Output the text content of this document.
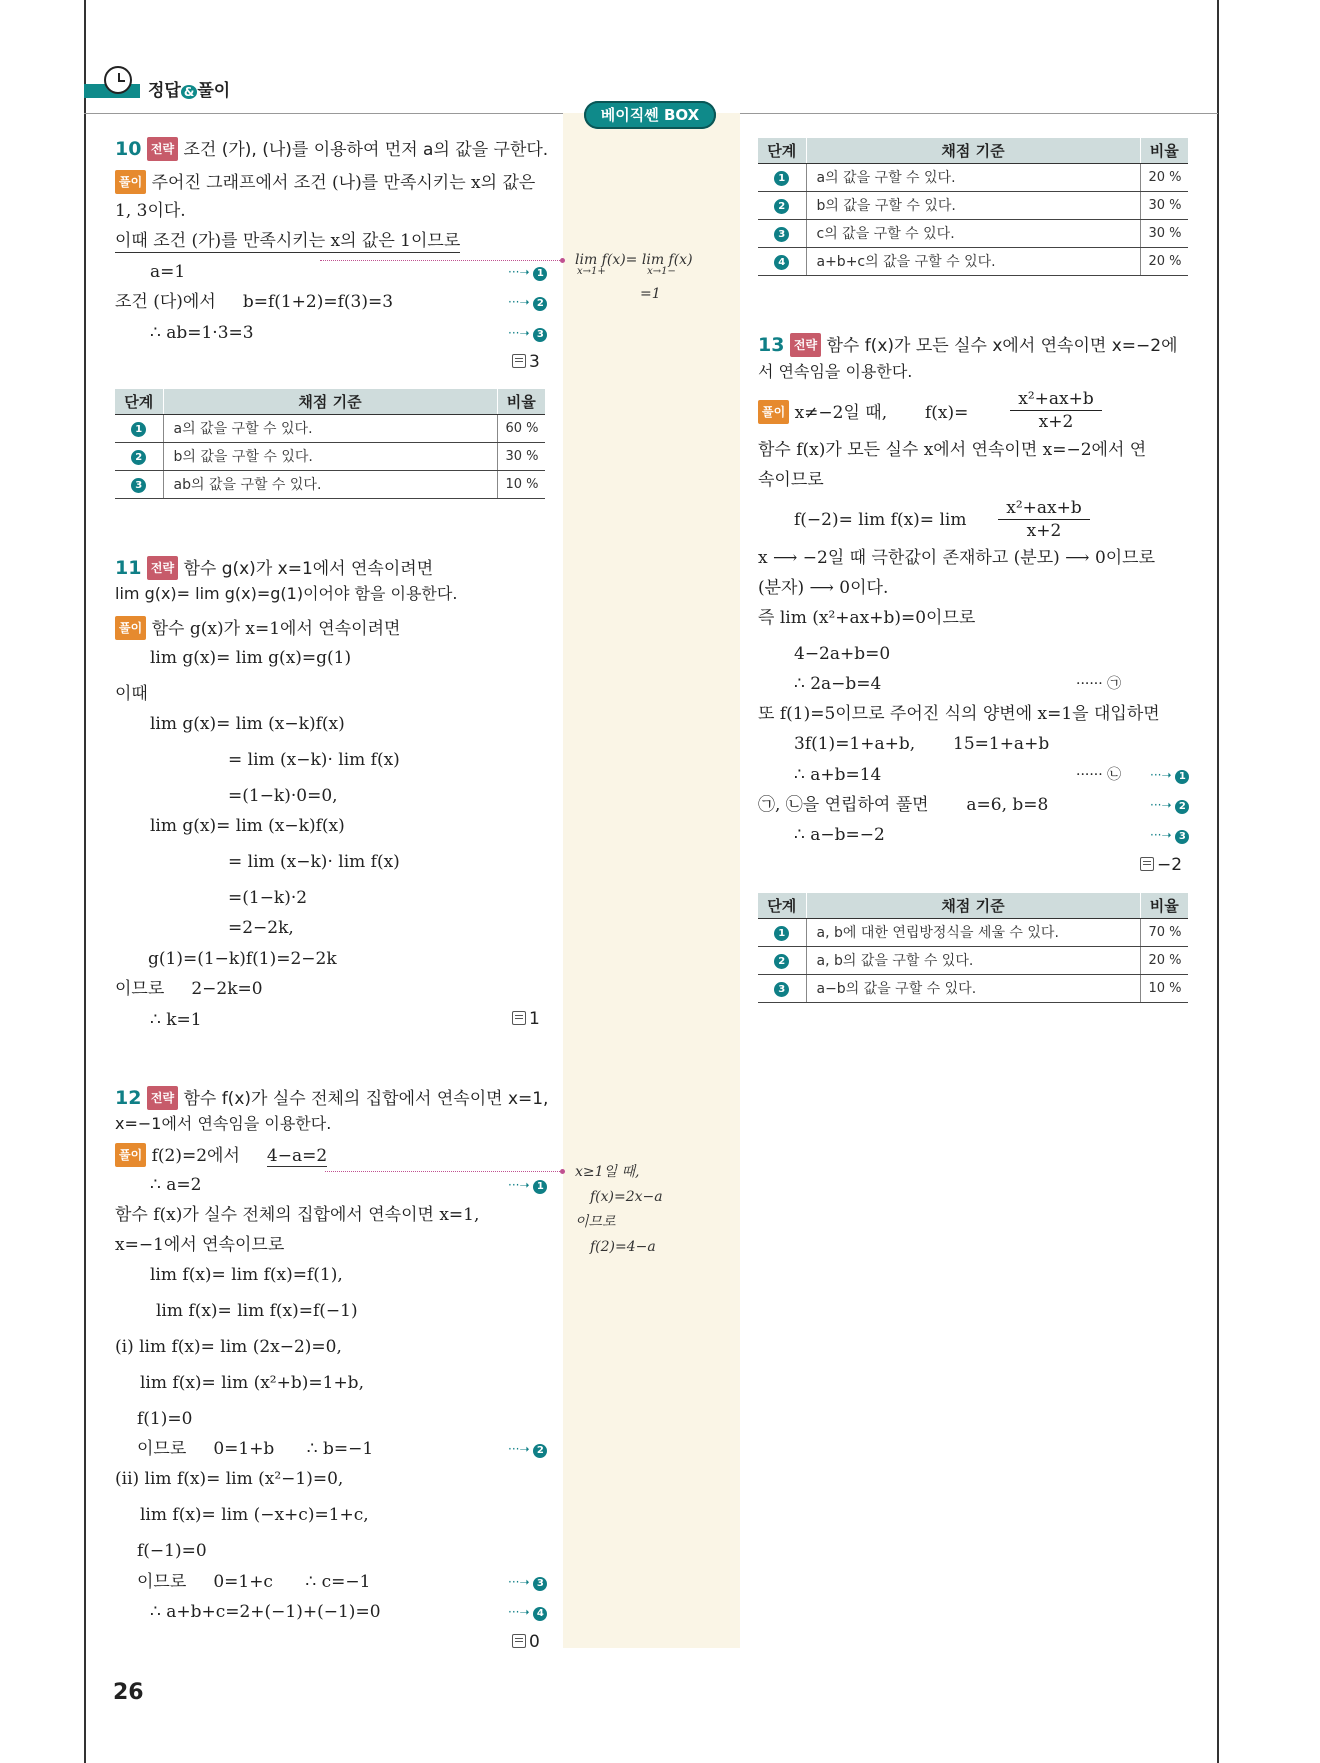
정답 & 풀이
베이직쎈 BOX
10 전략 조건 (가), (나)를 이용하여 먼저 a의 값을 구한다.
풀이 주어진 그래프에서 조건 (나)를 만족시키는 x의 값은
1, 3이다.
이때 조건 (가)를 만족시키는 x의 값은 1이므로
a=1	···➝ 1
조건 (다)에서 b=f(1+2)=f(3)=3	···➝ 2
∴ ab=1·3=3	···➝ 3
3
lim f(x)= lim f(x)
x→1+	x→1−
=1
단계	채점 기준	비율
1	a의 값을 구할 수 있다.	60 %
2	b의 값을 구할 수 있다.	30 %
3	ab의 값을 구할 수 있다.	10 %
11 전략 함수 g(x)가 x=1에서 연속이려면
lim g(x)= lim g(x)=g(1)이어야 함을 이용한다.
풀이 함수 g(x)가 x=1에서 연속이려면
lim g(x)= lim g(x)=g(1)
이때
lim g(x)= lim (x−k)f(x)
= lim (x−k)· lim f(x)
=(1−k)·0=0,
lim g(x)= lim (x−k)f(x)
= lim (x−k)· lim f(x)
=(1−k)·2
=2−2k,
g(1)=(1−k)f(1)=2−2k
이므로 2−2k=0
∴ k=1	1
12 전략 함수 f(x)가 실수 전체의 집합에서 연속이면 x=1,
x=−1에서 연속임을 이용한다.
풀이 f(2)=2에서 4−a=2
∴ a=2	···➝ 1
함수 f(x)가 실수 전체의 집합에서 연속이면 x=1,
x=−1에서 연속이므로
lim f(x)= lim f(x)=f(1),
lim f(x)= lim f(x)=f(−1)
(i) lim f(x)= lim (2x−2)=0,
lim f(x)= lim (x²+b)=1+b,
f(1)=0
이므로 0=1+b ∴ b=−1	···➝ 2
(ii) lim f(x)= lim (x²−1)=0,
lim f(x)= lim (−x+c)=1+c,
f(−1)=0
이므로 0=1+c ∴ c=−1	···➝ 3
∴ a+b+c=2+(−1)+(−1)=0	···➝ 4
0
x≥1일 때,
f(x)=2x−a
이므로
f(2)=4−a
단계	채점 기준	비율
1	a의 값을 구할 수 있다.	20 %
2	b의 값을 구할 수 있다.	30 %
3	c의 값을 구할 수 있다.	30 %
4	a+b+c의 값을 구할 수 있다.	20 %
13 전략 함수 f(x)가 모든 실수 x에서 연속이면 x=−2에
서 연속임을 이용한다.
풀이 x≠−2일 때, f(x)=
x²+ax+b
x+2
함수 f(x)가 모든 실수 x에서 연속이면 x=−2에서 연
속이므로
f(−2)= lim f(x)= lim
x²+ax+b
x+2
x ⟶ −2일 때 극한값이 존재하고 (분모) ⟶ 0이므로
(분자) ⟶ 0이다.
즉 lim (x²+ax+b)=0이므로
4−2a+b=0
∴ 2a−b=4	······ ㉠
또 f(1)=5이므로 주어진 식의 양변에 x=1을 대입하면
3f(1)=1+a+b, 15=1+a+b
∴ a+b=14	······ ㉡ ···➝ 1
㉠, ㉡을 연립하여 풀면 a=6, b=8	···➝ 2
∴ a−b=−2	···➝ 3
−2
단계	채점 기준	비율
1	a, b에 대한 연립방정식을 세울 수 있다.	70 %
2	a, b의 값을 구할 수 있다.	20 %
3	a−b의 값을 구할 수 있다.	10 %
26
